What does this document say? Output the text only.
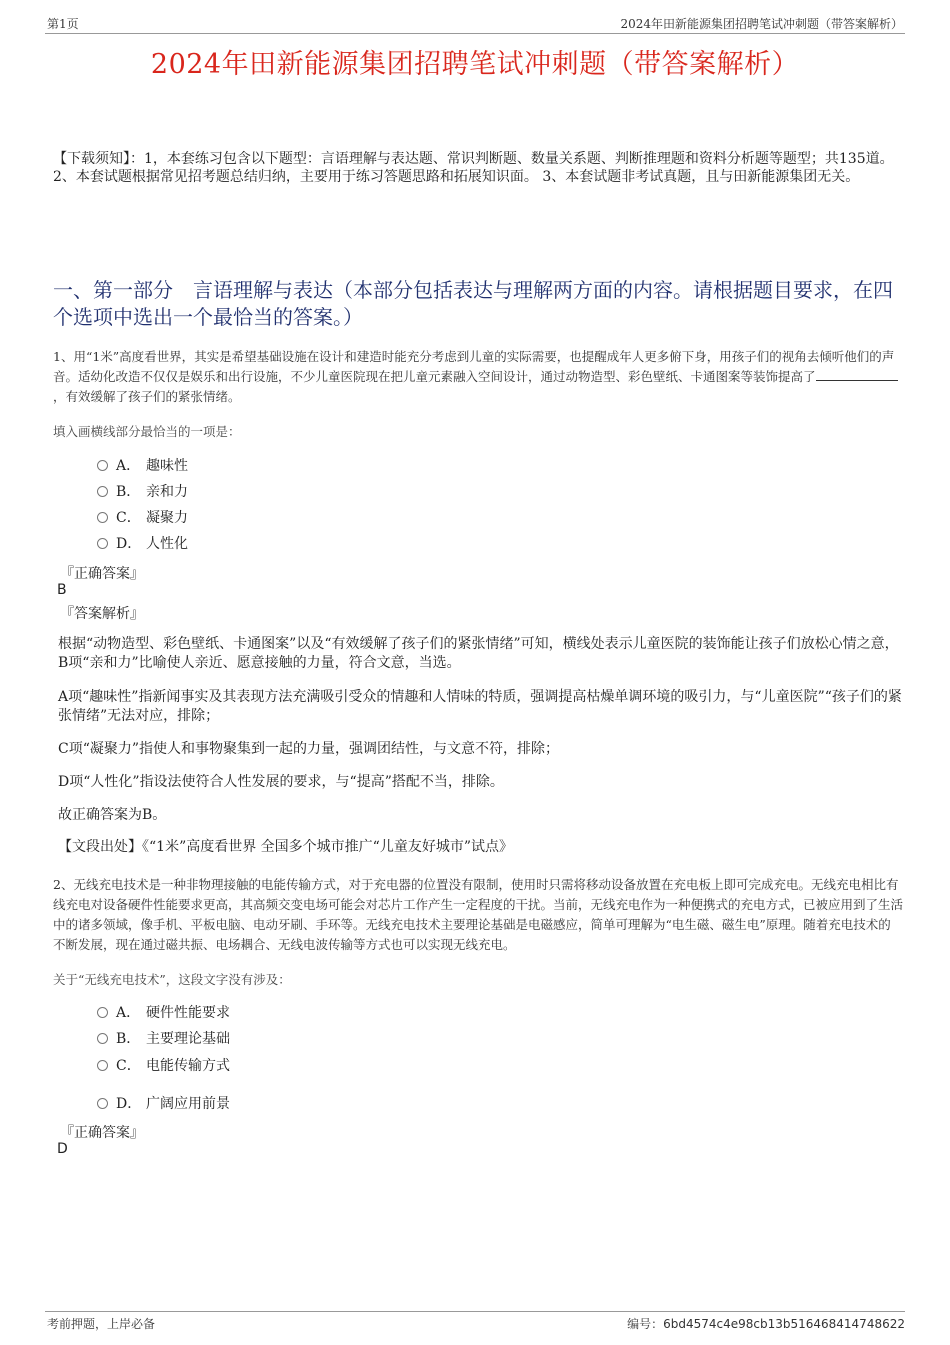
第1页	2024年田新能源集团招聘笔试冲刺题（带答案解析）
2024年田新能源集团招聘笔试冲刺题（带答案解析）
【下载须知】：1，本套练习包含以下题型：言语理解与表达题、常识判断题、数量关系题、判断推理题和资料分析题等题型；共135道。 2、本套试题根据常见招考题总结归纳，主要用于练习答题思路和拓展知识面。 3、本套试题非考试真题，且与田新能源集团无关。
一、第一部分　言语理解与表达（本部分包括表达与理解两方面的内容。请根据题目要求，在四个选项中选出一个最恰当的答案。）
1、用“1米”高度看世界，其实是希望基础设施在设计和建造时能充分考虑到儿童的实际需要，也提醒成年人更多俯下身，用孩子们的视角去倾听他们的声音。适幼化改造不仅仅是娱乐和出行设施，不少儿童医院现在把儿童元素融入空间设计，通过动物造型、彩色壁纸、卡通图案等装饰提高了，有效缓解了孩子们的紧张情绪。
填入画横线部分最恰当的一项是：
A． 趣味性
B． 亲和力
C． 凝聚力
D． 人性化
『正确答案』
B
『答案解析』
根据“动物造型、彩色壁纸、卡通图案”以及“有效缓解了孩子们的紧张情绪”可知，横线处表示儿童医院的装饰能让孩子们放松心情之意，B项“亲和力”比喻使人亲近、愿意接触的力量，符合文意，当选。
A项“趣味性”指新闻事实及其表现方法充满吸引受众的情趣和人情味的特质，强调提高枯燥单调环境的吸引力，与“儿童医院”“孩子们的紧张情绪”无法对应，排除；
C项“凝聚力”指使人和事物聚集到一起的力量，强调团结性，与文意不符，排除；
D项“人性化”指设法使符合人性发展的要求，与“提高”搭配不当，排除。
故正确答案为B。
【文段出处】《“1米”高度看世界 全国多个城市推广“儿童友好城市”试点》
2、无线充电技术是一种非物理接触的电能传输方式，对于充电器的位置没有限制，使用时只需将移动设备放置在充电板上即可完成充电。无线充电相比有线充电对设备硬件性能要求更高，其高频交变电场可能会对芯片工作产生一定程度的干扰。当前，无线充电作为一种便携式的充电方式，已被应用到了生活中的诸多领域，像手机、平板电脑、电动牙刷、手环等。无线充电技术主要理论基础是电磁感应，简单可理解为“电生磁、磁生电”原理。随着充电技术的不断发展，现在通过磁共振、电场耦合、无线电波传输等方式也可以实现无线充电。
关于“无线充电技术”，这段文字没有涉及：
A． 硬件性能要求
B． 主要理论基础
C． 电能传输方式
D． 广阔应用前景
『正确答案』
D
考前押题，上岸必备	编号：6bd4574c4e98cb13b516468414748622
